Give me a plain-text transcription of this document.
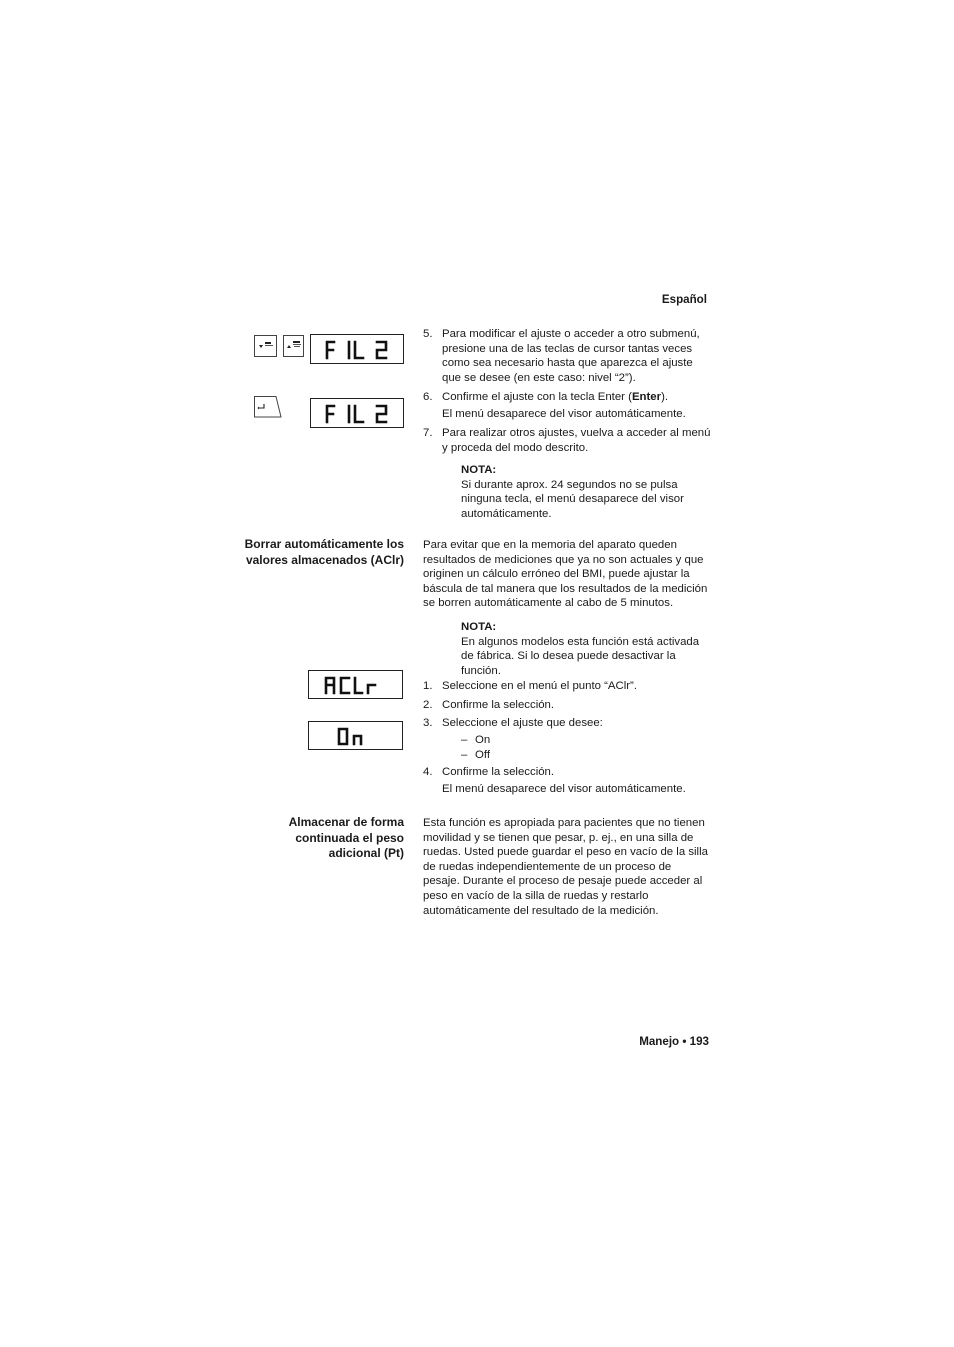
Español
5. Para modificar el ajuste o acceder a otro submenú, presione una de las teclas de cursor tantas veces como sea necesario hasta que aparezca el ajuste que se desee (en este caso: nivel “2”).
6. Confirme el ajuste con la tecla Enter (Enter).
El menú desaparece del visor automáticamente.
7. Para realizar otros ajustes, vuelva a acceder al menú y proceda del modo descrito.
NOTA:
Si durante aprox. 24 segundos no se pulsa ninguna tecla, el menú desaparece del visor automáticamente.
Borrar automáticamente los valores almacenados (AClr)
Para evitar que en la memoria del aparato queden resultados de mediciones que ya no son actuales y que originen un cálculo erróneo del BMI, puede ajustar la báscula de tal manera que los resultados de la medición se borren automáticamente al cabo de 5 minutos.
NOTA:
En algunos modelos esta función está activada de fábrica. Si lo desea puede desactivar la función.
1. Seleccione en el menú el punto “AClr”.
2. Confirme la selección.
3. Seleccione el ajuste que desee:
– On
– Off
4. Confirme la selección.
El menú desaparece del visor automáticamente.
Almacenar de forma continuada el peso adicional (Pt)
Esta función es apropiada para pacientes que no tienen movilidad y se tienen que pesar, p. ej., en una silla de ruedas. Usted puede guardar el peso en vacío de la silla de ruedas independientemente de un proceso de pesaje. Durante el proceso de pesaje puede acceder al peso en vacío de la silla de ruedas y restarlo automáticamente del resultado de la medición.
Manejo • 193
